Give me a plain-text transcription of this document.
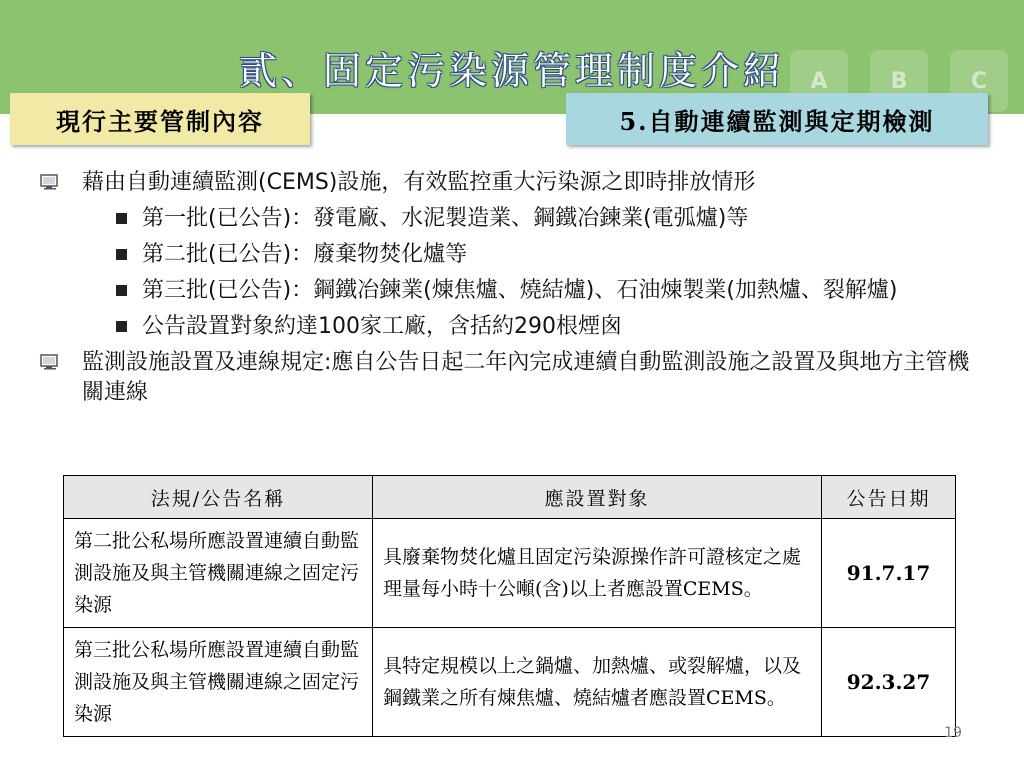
A	B	C
貳、固定污染源管理制度介紹
現行主要管制內容	5.自動連續監測與定期檢測
藉由自動連續監測(CEMS)設施，有效監控重大污染源之即時排放情形
第一批(已公告)：發電廠、水泥製造業、鋼鐵冶鍊業(電弧爐)等
第二批(已公告)：廢棄物焚化爐等
第三批(已公告)：鋼鐵冶鍊業(煉焦爐、燒結爐)、石油煉製業(加熱爐、裂解爐)
公告設置對象約達100家工廠，含括約290根煙囪
監測設施設置及連線規定:應自公告日起二年內完成連續自動監測設施之設置及與地方主管機關連線
法規/公告名稱	應設置對象	公告日期
第二批公私場所應設置連續自動監測設施及與主管機關連線之固定污染源	具廢棄物焚化爐且固定污染源操作許可證核定之處理量每小時十公噸(含)以上者應設置CEMS。	91.7.17
第三批公私場所應設置連續自動監測設施及與主管機關連線之固定污染源	具特定規模以上之鍋爐、加熱爐、或裂解爐，以及鋼鐵業之所有煉焦爐、燒結爐者應設置CEMS。	92.3.27
19
